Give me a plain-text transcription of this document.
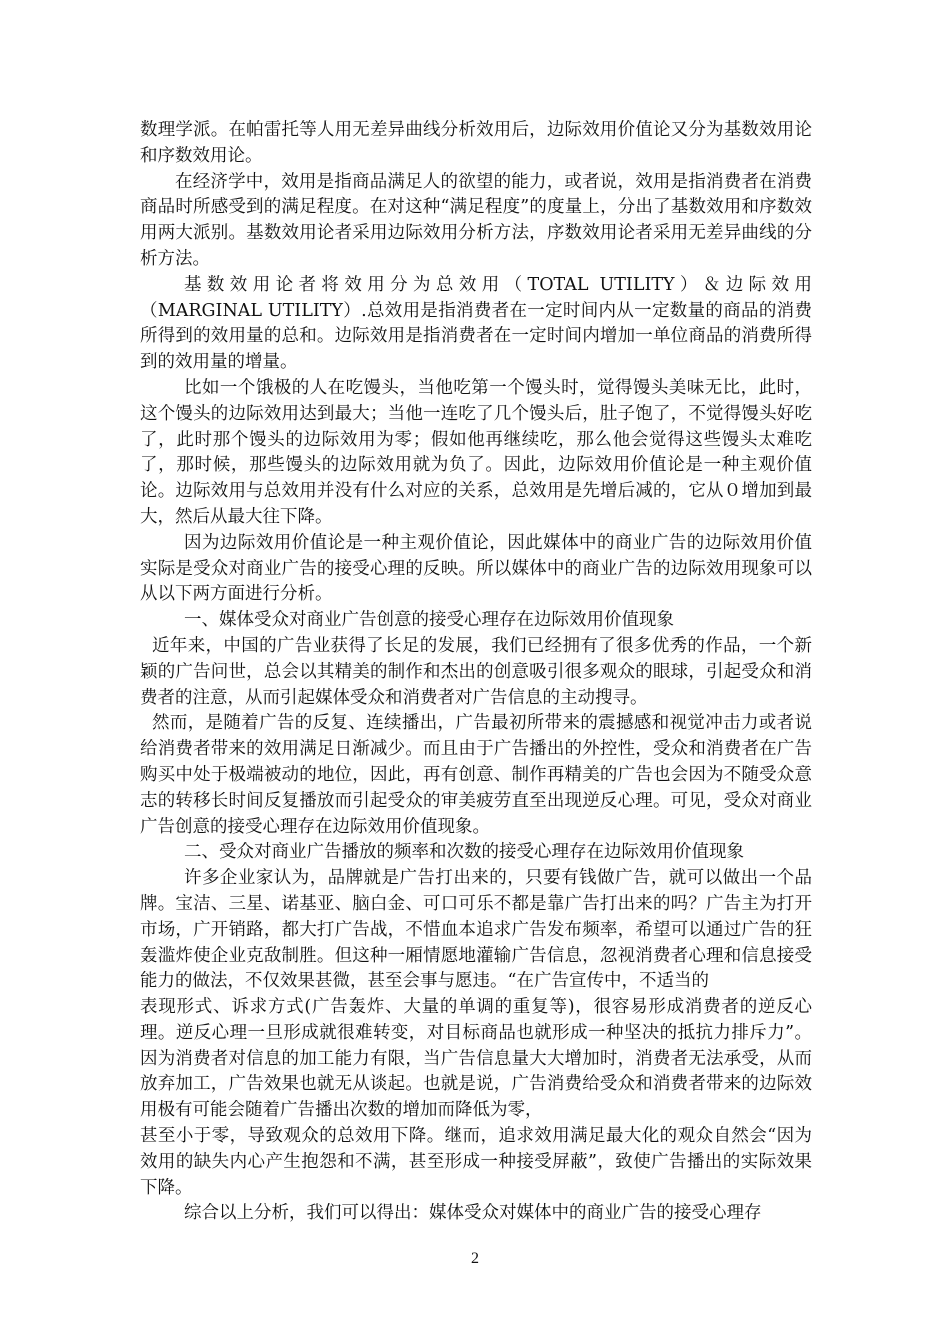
数理学派。在帕雷托等人用无差异曲线分析效用后，边际效用价值论又分为基数效用论和序数效用论。

在经济学中，效用是指商品满足人的欲望的能力，或者说，效用是指消费者在消费商品时所感受到的满足程度。在对这种“满足程度”的度量上，分出了基数效用和序数效用两大派别。基数效用论者采用边际效用分析方法，序数效用论者采用无差异曲线的分析方法。

基数效用论者将效用分为总效用（TOTAL UTILITY）＆边际效用（MARGINAL UTILITY）.总效用是指消费者在一定时间内从一定数量的商品的消费所得到的效用量的总和。边际效用是指消费者在一定时间内增加一单位商品的消费所得到的效用量的增量。

比如一个饿极的人在吃馒头，当他吃第一个馒头时，觉得馒头美味无比，此时，这个馒头的边际效用达到最大；当他一连吃了几个馒头后，肚子饱了，不觉得馒头好吃了，此时那个馒头的边际效用为零；假如他再继续吃，那么他会觉得这些馒头太难吃了，那时候，那些馒头的边际效用就为负了。因此，边际效用价值论是一种主观价值论。边际效用与总效用并没有什么对应的关系，总效用是先增后减的，它从０增加到最大，然后从最大往下降。

因为边际效用价值论是一种主观价值论，因此媒体中的商业广告的边际效用价值实际是受众对商业广告的接受心理的反映。所以媒体中的商业广告的边际效用现象可以从以下两方面进行分析。

一、媒体受众对商业广告创意的接受心理存在边际效用价值现象

近年来，中国的广告业获得了长足的发展，我们已经拥有了很多优秀的作品，一个新颖的广告问世，总会以其精美的制作和杰出的创意吸引很多观众的眼球，引起受众和消费者的注意，从而引起媒体受众和消费者对广告信息的主动搜寻。

然而，是随着广告的反复、连续播出，广告最初所带来的震撼感和视觉冲击力或者说给消费者带来的效用满足日渐减少。而且由于广告播出的外控性，受众和消费者在广告购买中处于极端被动的地位，因此，再有创意、制作再精美的广告也会因为不随受众意志的转移长时间反复播放而引起受众的审美疲劳直至出现逆反心理。可见，受众对商业广告创意的接受心理存在边际效用价值现象。

二、受众对商业广告播放的频率和次数的接受心理存在边际效用价值现象

许多企业家认为，品牌就是广告打出来的，只要有钱做广告，就可以做出一个品牌。宝洁、三星、诺基亚、脑白金、可口可乐不都是靠广告打出来的吗？广告主为打开市场，广开销路，都大打广告战，不惜血本追求广告发布频率，希望可以通过广告的狂轰滥炸使企业克敌制胜。但这种一厢情愿地灌输广告信息，忽视消费者心理和信息接受能力的做法，不仅效果甚微，甚至会事与愿违。“在广告宣传中，不适当的

表现形式、诉求方式(广告轰炸、大量的单调的重复等)，很容易形成消费者的逆反心理。逆反心理一旦形成就很难转变，对目标商品也就形成一种坚决的抵抗力排斥力”。因为消费者对信息的加工能力有限，当广告信息量大大增加时，消费者无法承受，从而放弃加工，广告效果也就无从谈起。也就是说，广告消费给受众和消费者带来的边际效用极有可能会随着广告播出次数的增加而降低为零，

甚至小于零，导致观众的总效用下降。继而，追求效用满足最大化的观众自然会“因为效用的缺失内心产生抱怨和不满，甚至形成一种接受屏蔽”，致使广告播出的实际效果下降。

综合以上分析，我们可以得出：媒体受众对媒体中的商业广告的接受心理存

2
